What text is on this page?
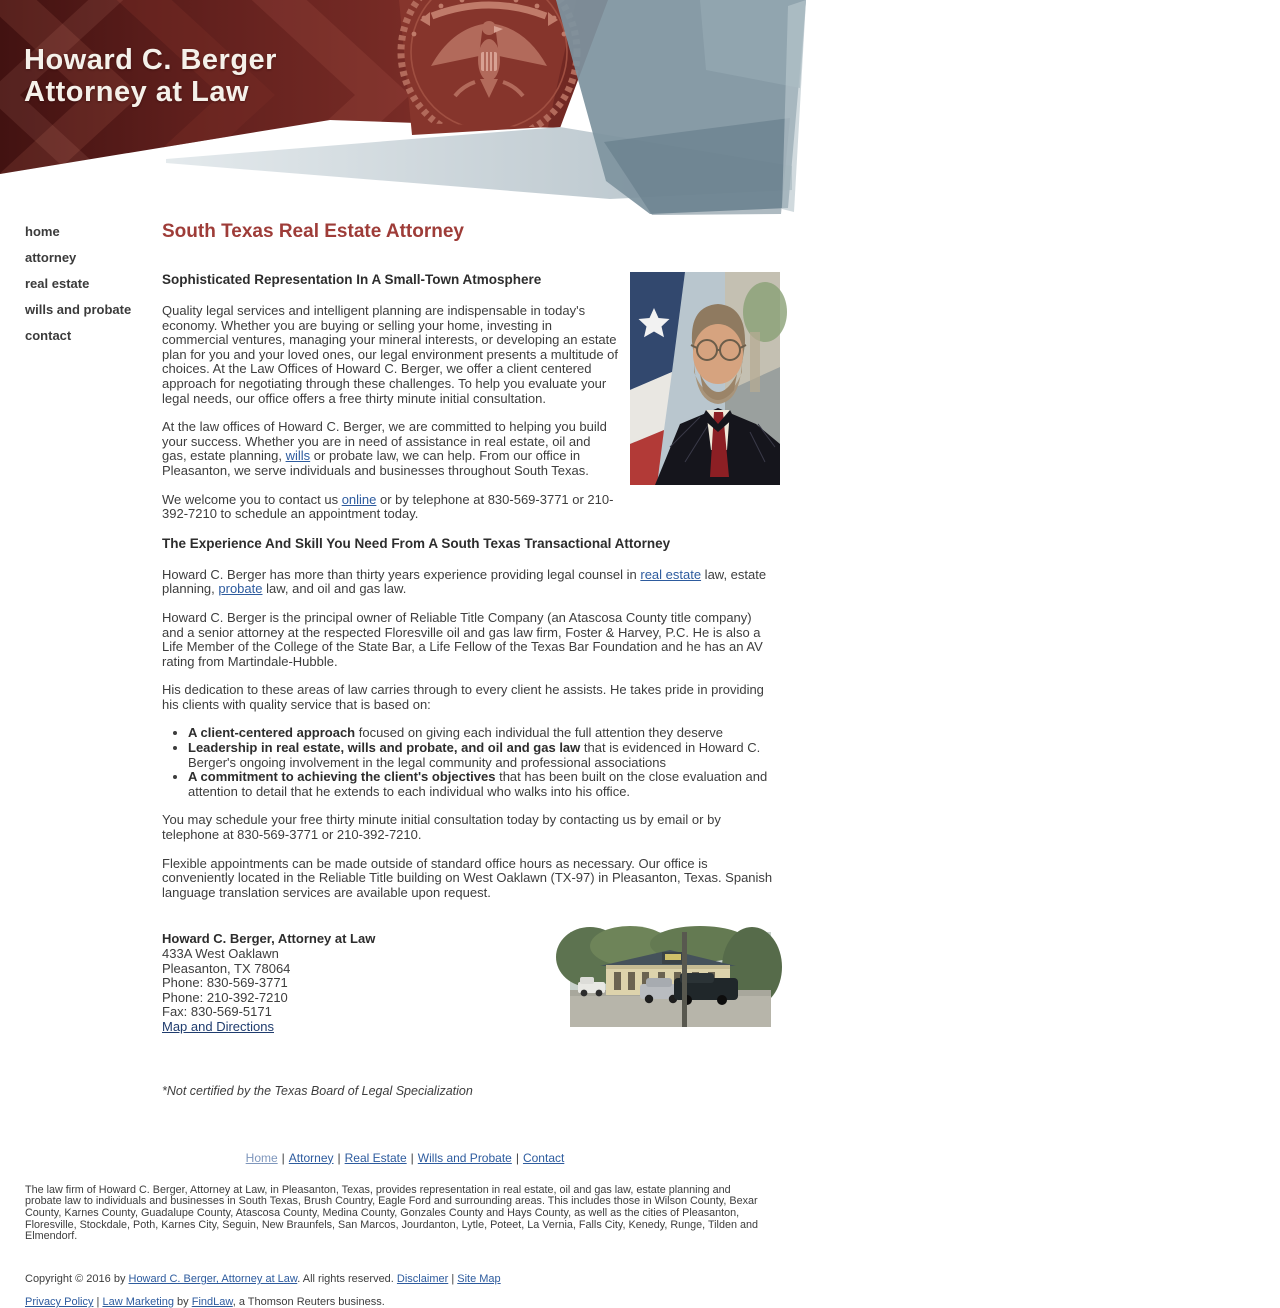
Howard C. Berger
Attorney at Law
home
attorney
real estate
wills and probate
contact
South Texas Real Estate Attorney
Sophisticated Representation In A Small-Town Atmosphere

Quality legal services and intelligent planning are indispensable in today's economy. Whether you are buying or selling your home, investing in commercial ventures, managing your mineral interests, or developing an estate plan for you and your loved ones, our legal environment presents a multitude of choices. At the Law Offices of Howard C. Berger, we offer a client centered approach for negotiating through these challenges. To help you evaluate your legal needs, our office offers a free thirty minute initial consultation.

At the law offices of Howard C. Berger, we are committed to helping you build your success. Whether you are in need of assistance in real estate, oil and gas, estate planning, wills or probate law, we can help. From our office in Pleasanton, we serve individuals and businesses throughout South Texas.

We welcome you to contact us online or by telephone at 830-569-3771 or 210-392-7210 to schedule an appointment today.

The Experience And Skill You Need From A South Texas Transactional Attorney

Howard C. Berger has more than thirty years experience providing legal counsel in real estate law, estate planning, probate law, and oil and gas law.

Howard C. Berger is the principal owner of Reliable Title Company (an Atascosa County title company) and a senior attorney at the respected Floresville oil and gas law firm, Foster & Harvey, P.C. He is also a Life Member of the College of the State Bar, a Life Fellow of the Texas Bar Foundation and he has an AV rating from Martindale-Hubble.

His dedication to these areas of law carries through to every client he assists. He takes pride in providing his clients with quality service that is based on:

• A client-centered approach focused on giving each individual the full attention they deserve
• Leadership in real estate, wills and probate, and oil and gas law that is evidenced in Howard C. Berger's ongoing involvement in the legal community and professional associations
• A commitment to achieving the client's objectives that has been built on the close evaluation and attention to detail that he extends to each individual who walks into his office.

You may schedule your free thirty minute initial consultation today by contacting us by email or by telephone at 830-569-3771 or 210-392-7210.

Flexible appointments can be made outside of standard office hours as necessary. Our office is conveniently located in the Reliable Title building on West Oaklawn (TX-97) in Pleasanton, Texas. Spanish language translation services are available upon request.

Howard C. Berger, Attorney at Law
433A West Oaklawn
Pleasanton, TX 78064
Phone: 830-569-3771
Phone: 210-392-7210
Fax: 830-569-5171
Map and Directions
*Not certified by the Texas Board of Legal Specialization
Home | Attorney | Real Estate | Wills and Probate | Contact

The law firm of Howard C. Berger, Attorney at Law, in Pleasanton, Texas, provides representation in real estate, oil and gas law, estate planning and probate law to individuals and businesses in South Texas, Brush Country, Eagle Ford and surrounding areas. This includes those in Wilson County, Bexar County, Karnes County, Guadalupe County, Atascosa County, Medina County, Gonzales County and Hays County, as well as the cities of Pleasanton, Floresville, Stockdale, Poth, Karnes City, Seguin, New Braunfels, San Marcos, Jourdanton, Lytle, Poteet, La Vernia, Falls City, Kenedy, Runge, Tilden and Elmendorf.

Copyright © 2016 by Howard C. Berger, Attorney at Law. All rights reserved. Disclaimer | Site Map
Privacy Policy | Law Marketing by FindLaw, a Thomson Reuters business.
